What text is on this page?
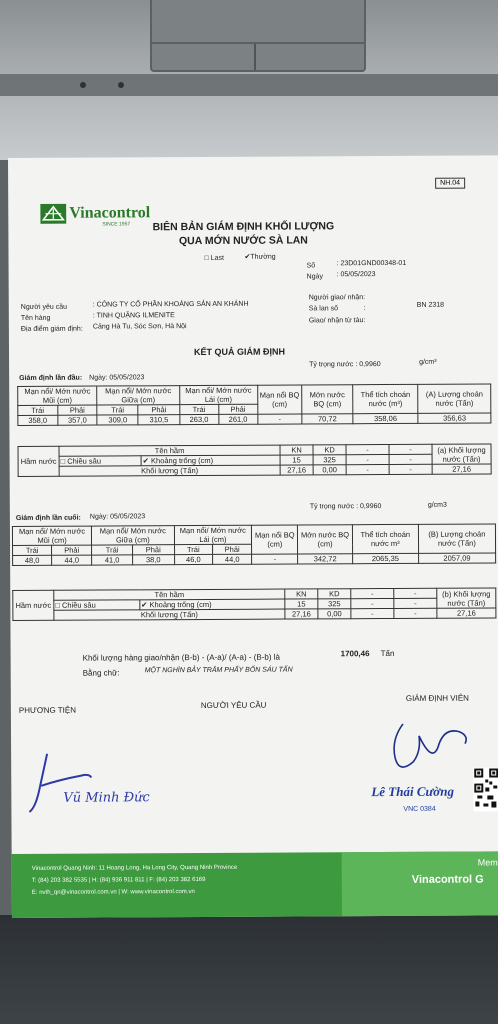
NH.04
Vinacontrol
SINCE 1957	BIÊN BẢN GIÁM ĐỊNH KHỐI LƯỢNG
QUA MỚN NƯỚC SÀ LAN
□ Last	✔Thường
Số	: 23D01GND00348-01
Ngày : 05/05/2023
Người yêu cầu	: CÔNG TY CỔ PHẦN KHOÁNG SẢN AN KHÁNH
Tên hàng	: TINH QUẶNG ILMENITE
Địa điểm giám định: Cảng Hà Tu, Sóc Sơn, Hà Nội
Người giao/ nhận:
Sà lan số	:	BN 2318
Giao/ nhận từ tàu:
KẾT QUẢ GIÁM ĐỊNH
Giám định lần đầu: Ngày: 05/05/2023
Tỷ trọng nước : 0,9960	g/cm³
Mạn nổi/ Mớn nước Mũi (cm)		Mạn nổi/ Mớn nước Giữa (cm)		Mạn nổi/ Mớn nước Lái (cm)		Mạn nổi BQ (cm)	Mớn nước BQ (cm)	Thể tích choán nước (m³)	(A) Lượng choán nước (Tấn)
Trái	Phải	Trái	Phải	Trái	Phải				
358,0	357,0	309,0	310,5	263,0	261,0	-	70,72	358,06	356,63
Hầm nước	Tên hầm		KN	KD	-	-	(a) Khối lượng nước (Tấn)
	□ Chiều sâu	✔ Khoảng trống (cm)	15	325	-	-	
	Khối lượng (Tấn)		27,16	0,00	-	-	27,16
Giám định lần cuối: Ngày: 05/05/2023
Tỷ trọng nước : 0,9960	g/cm3
Mạn nổi/ Mớn nước Mũi (cm)		Mạn nổi/ Mớn nước Giữa (cm)		Mạn nổi/ Mớn nước Lái (cm)		Mạn nổi BQ (cm)	Mớn nước BQ (cm)	Thể tích choán nước m³	(B) Lượng choán nước (Tấn)
Trái	Phải	Trái	Phải	Trái	Phải				
48,0	44,0	41,0	38,0	46,0	44,0	-	342,72	2065,35	2057,09
Hầm nước	Tên hầm		KN	KD	-	-	(b) Khối lượng nước (Tấn)
	□ Chiều sâu	✔ Khoảng trống (cm)	15	325	-	-	
	Khối lượng (Tấn)		27,16	0,00	-	-	27,16
Khối lượng hàng giao/nhận (B-b) - (A-a)/ (A-a) - (B-b) là	1700,46 Tấn
Bằng chữ:	MỘT NGHÌN BẢY TRĂM PHẨY BỐN SÁU TẤN
PHƯƠNG TIỆN
NGƯỜI YÊU CẦU
GIÁM ĐỊNH VIÊN
Vũ Minh Đức	Lê Thái Cường
VNC 0384
Vinacontrol Quang Ninh: 11 Hoang Long, Ha Long City, Quang Ninh Province
T: (84) 203 382 5535 | H: (84) 936 911 811 | F: (84) 203 382 6169
E: nvth_qn@vinacontrol.com.vn | W: www.vinacontrol.com.vn
Mem
Vinacontrol G
